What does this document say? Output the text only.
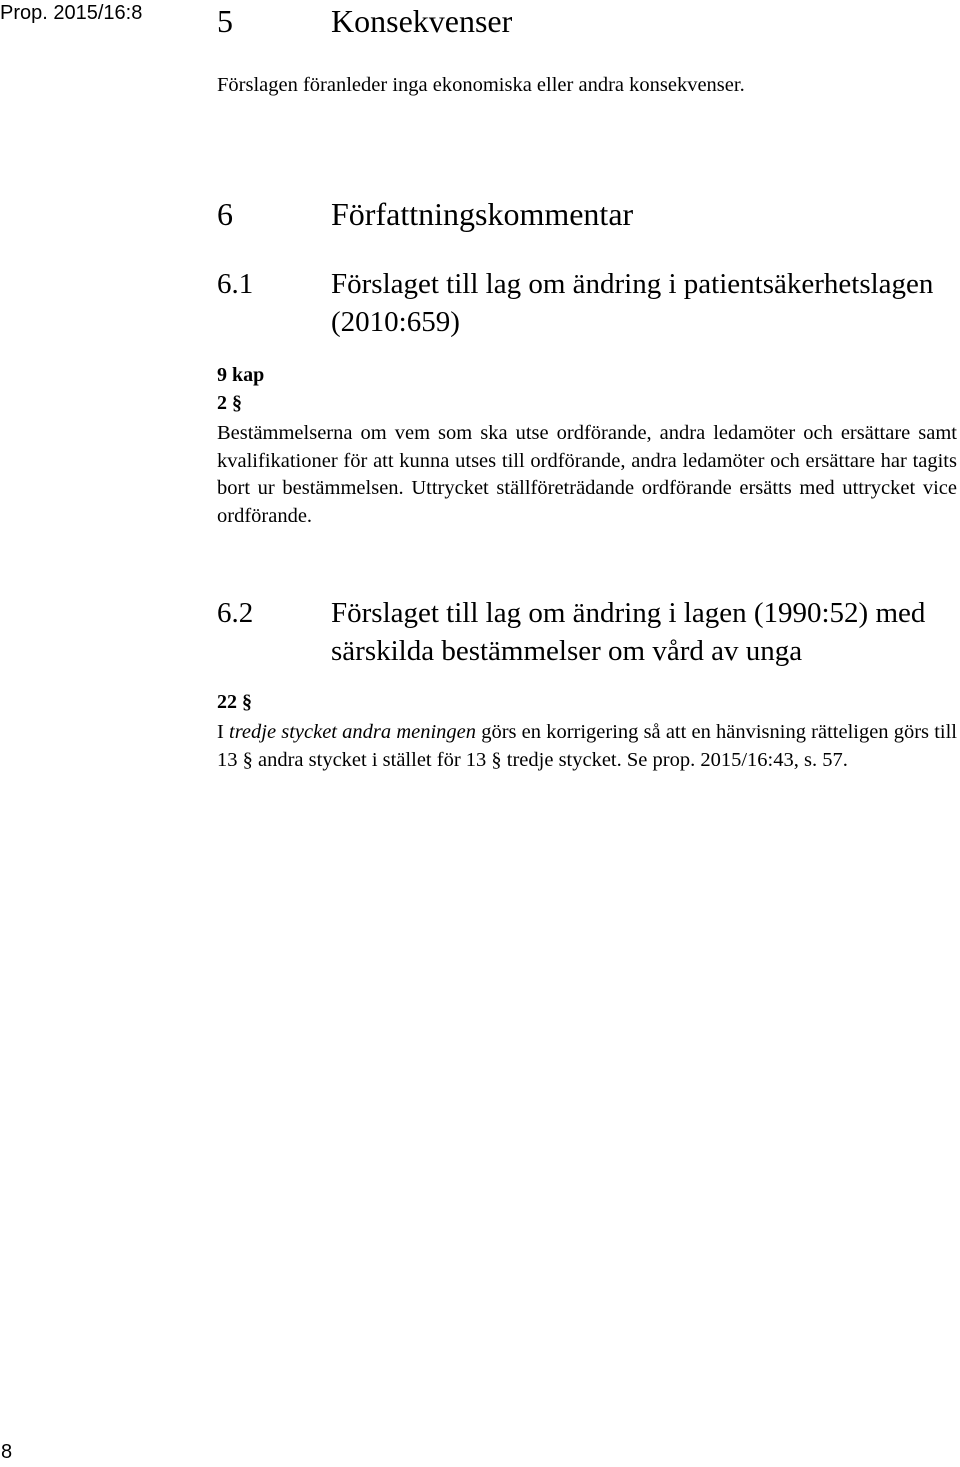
Prop. 2015/16:8 5	Konsekvenser
Förslagen föranleder inga ekonomiska eller andra konsekvenser.
6	Författningskommentar
6.1	Förslaget till lag om ändring i patientsäkerhetslagen (2010:659)
9 kap
2 §
Bestämmelserna om vem som ska utse ordförande, andra ledamöter och ersättare samt kvalifikationer för att kunna utses till ordförande, andra ledamöter och ersättare har tagits bort ur bestämmelsen. Uttrycket ställföreträdande ordförande ersätts med uttrycket vice ordförande.
6.2	Förslaget till lag om ändring i lagen (1990:52) med särskilda bestämmelser om vård av unga
22 §
I tredje stycket andra meningen görs en korrigering så att en hänvisning rätteligen görs till 13 § andra stycket i stället för 13 § tredje stycket. Se prop. 2015/16:43, s. 57.
8
